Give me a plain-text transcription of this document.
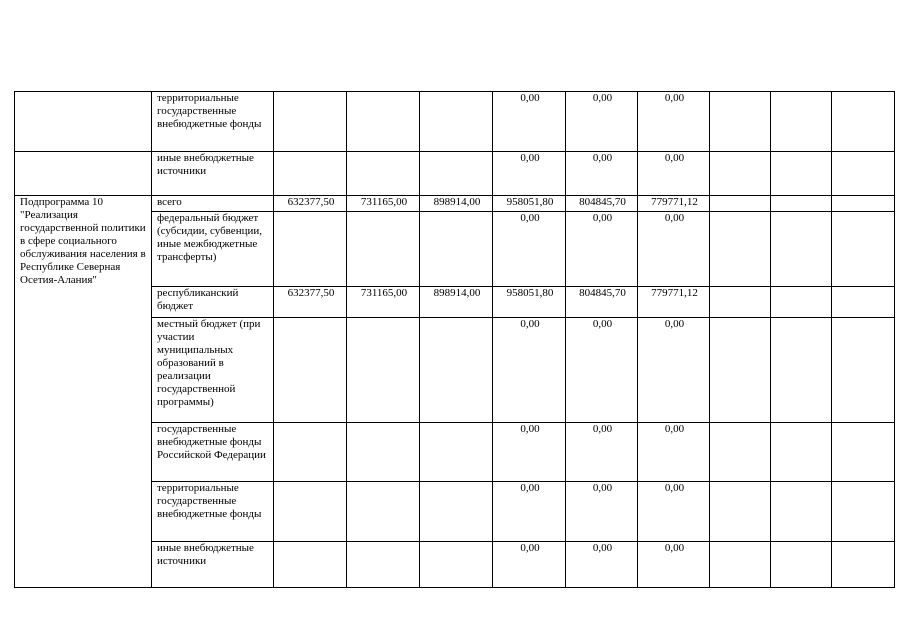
	территориальные государственные внебюджетные фонды				0,00	0,00	0,00			
	иные внебюджетные источники				0,00	0,00	0,00			
Подпрограмма 10 "Реализация государственной политики в сфере социального обслуживания населения в Республике Северная Осетия-Алания"	всего	632377,50	731165,00	898914,00	958051,80	804845,70	779771,12			
	федеральный бюджет (субсидии, субвенции, иные межбюджетные трансферты)				0,00	0,00	0,00			
	республиканский бюджет	632377,50	731165,00	898914,00	958051,80	804845,70	779771,12			
	местный бюджет (при участии муниципальных образований в реализации государственной программы)				0,00	0,00	0,00			
	государственные внебюджетные фонды Российской Федерации				0,00	0,00	0,00			
	территориальные государственные внебюджетные фонды				0,00	0,00	0,00			
	иные внебюджетные источники				0,00	0,00	0,00			
